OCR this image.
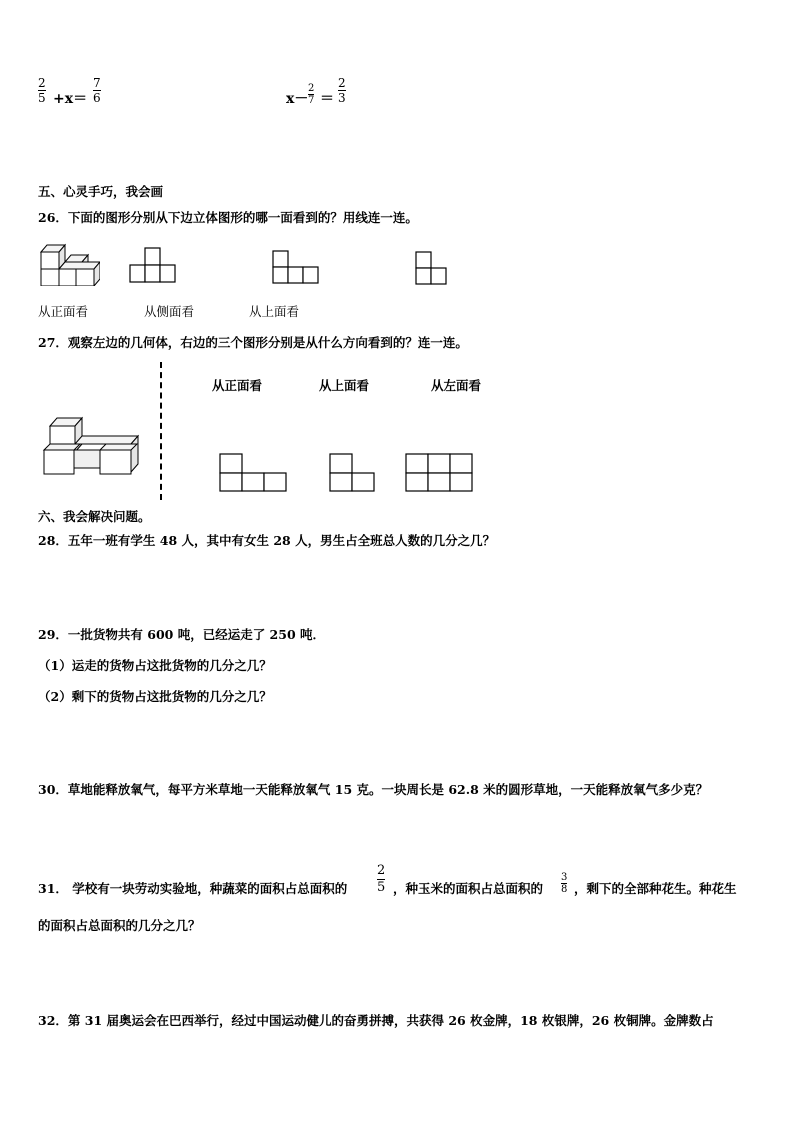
2
5 +x＝
7
6	x－
2
7 ＝
2
3
五、心灵手巧，我会画
26．下面的图形分别从下边立体图形的哪一面看到的？用线连一连。
从正面看	从侧面看	从上面看
27．观察左边的几何体，右边的三个图形分别是从什么方向看到的？连一连。
从正面看	从上面看	从左面看
六、我会解决问题。
28．五年一班有学生 48 人，其中有女生 28 人，男生占全班总人数的几分之几？
29．一批货物共有 600 吨，已经运走了 250 吨．
（1）运走的货物占这批货物的几分之几？
（2）剩下的货物占这批货物的几分之几？
30．草地能释放氧气，每平方米草地一天能释放氧气 15 克。一块周长是 62.8 米的圆形草地，一天能释放氧气多少克？
31． 学校有一块劳动实验地，种蔬菜的面积占总面积的
2
5 ，种玉米的面积占总面积的
3
8 ，剩下的全部种花生。种花生
的面积占总面积的几分之几？
32．第 31 届奥运会在巴西举行，经过中国运动健儿的奋勇拼搏，共获得 26 枚金牌，18 枚银牌，26 枚铜牌。金牌数占
